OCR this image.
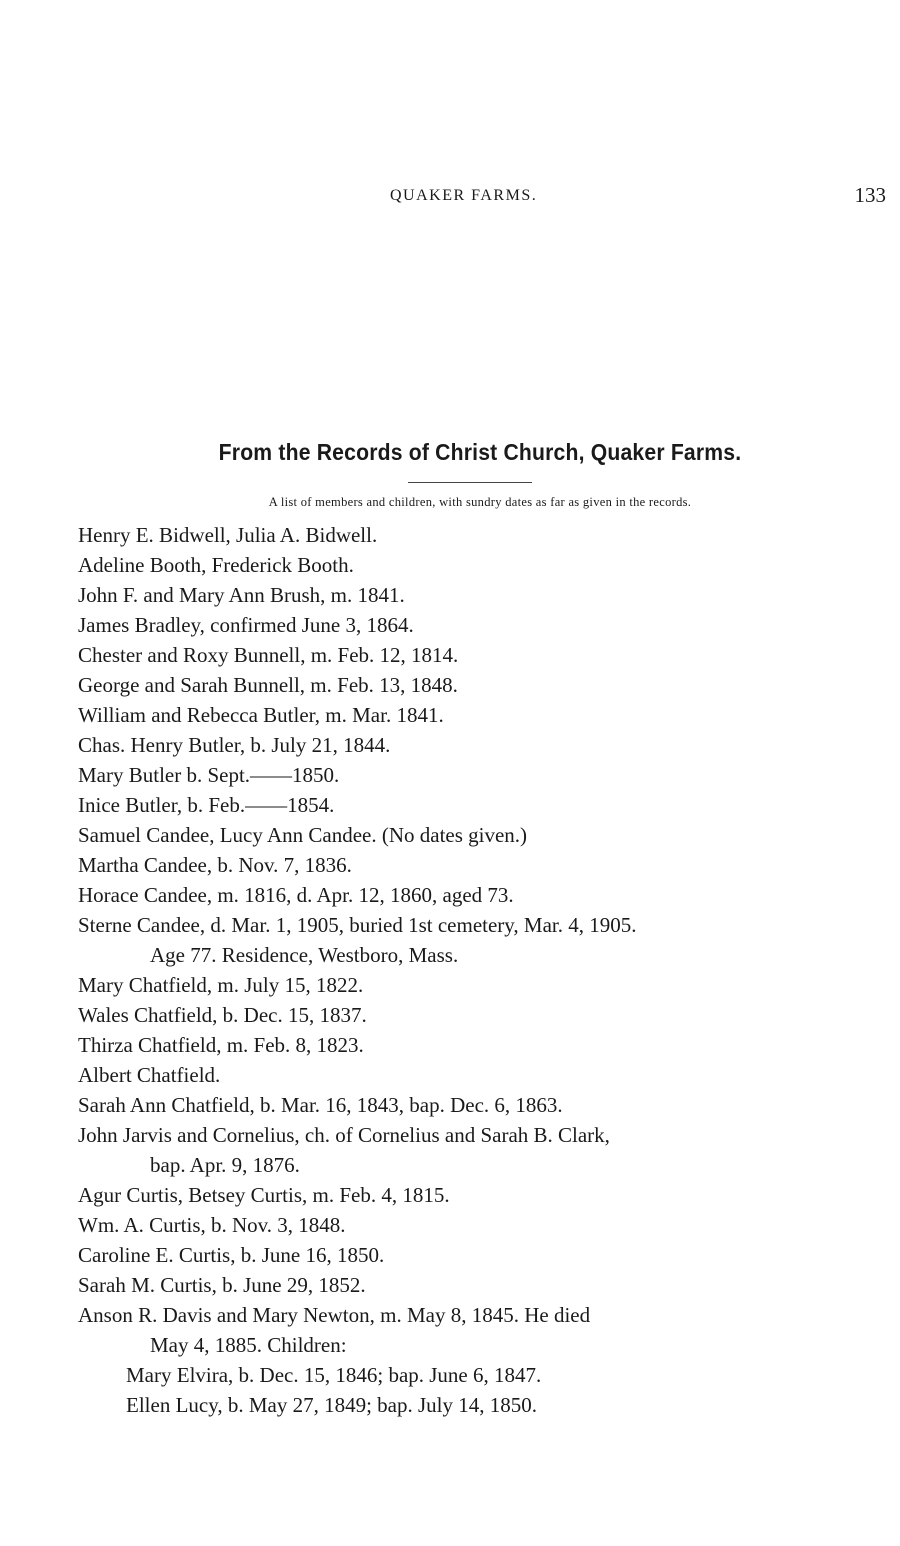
QUAKER FARMS.	133
From the Records of Christ Church, Quaker Farms.
A list of members and children, with sundry dates as far as given in the records.
Henry E. Bidwell, Julia A. Bidwell.
Adeline Booth, Frederick Booth.
John F. and Mary Ann Brush, m. 1841.
James Bradley, confirmed June 3, 1864.
Chester and Roxy Bunnell, m. Feb. 12, 1814.
George and Sarah Bunnell, m. Feb. 13, 1848.
William and Rebecca Butler, m. Mar. 1841.
Chas. Henry Butler, b. July 21, 1844.
Mary Butler b. Sept.——1850.
Inice Butler, b. Feb.——1854.
Samuel Candee, Lucy Ann Candee. (No dates given.)
Martha Candee, b. Nov. 7, 1836.
Horace Candee, m. 1816, d. Apr. 12, 1860, aged 73.
Sterne Candee, d. Mar. 1, 1905, buried 1st cemetery, Mar. 4, 1905.
Age 77. Residence, Westboro, Mass.
Mary Chatfield, m. July 15, 1822.
Wales Chatfield, b. Dec. 15, 1837.
Thirza Chatfield, m. Feb. 8, 1823.
Albert Chatfield.
Sarah Ann Chatfield, b. Mar. 16, 1843, bap. Dec. 6, 1863.
John Jarvis and Cornelius, ch. of Cornelius and Sarah B. Clark,
bap. Apr. 9, 1876.
Agur Curtis, Betsey Curtis, m. Feb. 4, 1815.
Wm. A. Curtis, b. Nov. 3, 1848.
Caroline E. Curtis, b. June 16, 1850.
Sarah M. Curtis, b. June 29, 1852.
Anson R. Davis and Mary Newton, m. May 8, 1845. He died
May 4, 1885. Children:
Mary Elvira, b. Dec. 15, 1846; bap. June 6, 1847.
Ellen Lucy, b. May 27, 1849; bap. July 14, 1850.
